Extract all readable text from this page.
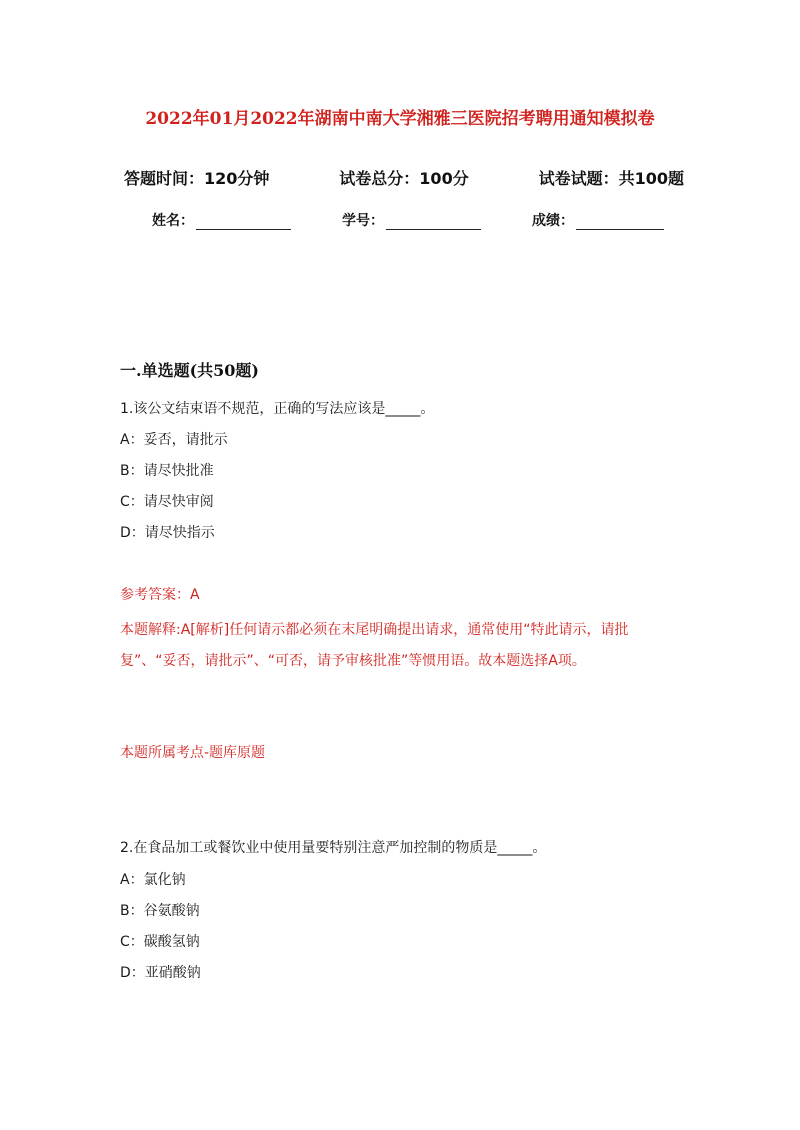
2022年01月2022年湖南中南大学湘雅三医院招考聘用通知模拟卷
答题时间：120分钟	试卷总分：100分	试卷试题：共100题
姓名：	学号：	成绩：
一.单选题(共50题)
1.该公文结束语不规范，正确的写法应该是_____。
A：妥否，请批示
B：请尽快批准
C：请尽快审阅
D：请尽快指示
参考答案：A
本题解释:A[解析]任何请示都必须在末尾明确提出请求，通常使用“特此请示，请批复”、“妥否，请批示”、“可否，请予审核批准”等惯用语。故本题选择A项。
本题所属考点-题库原题
2.在食品加工或餐饮业中使用量要特别注意严加控制的物质是_____。
A：氯化钠
B：谷氨酸钠
C：碳酸氢钠
D：亚硝酸钠
